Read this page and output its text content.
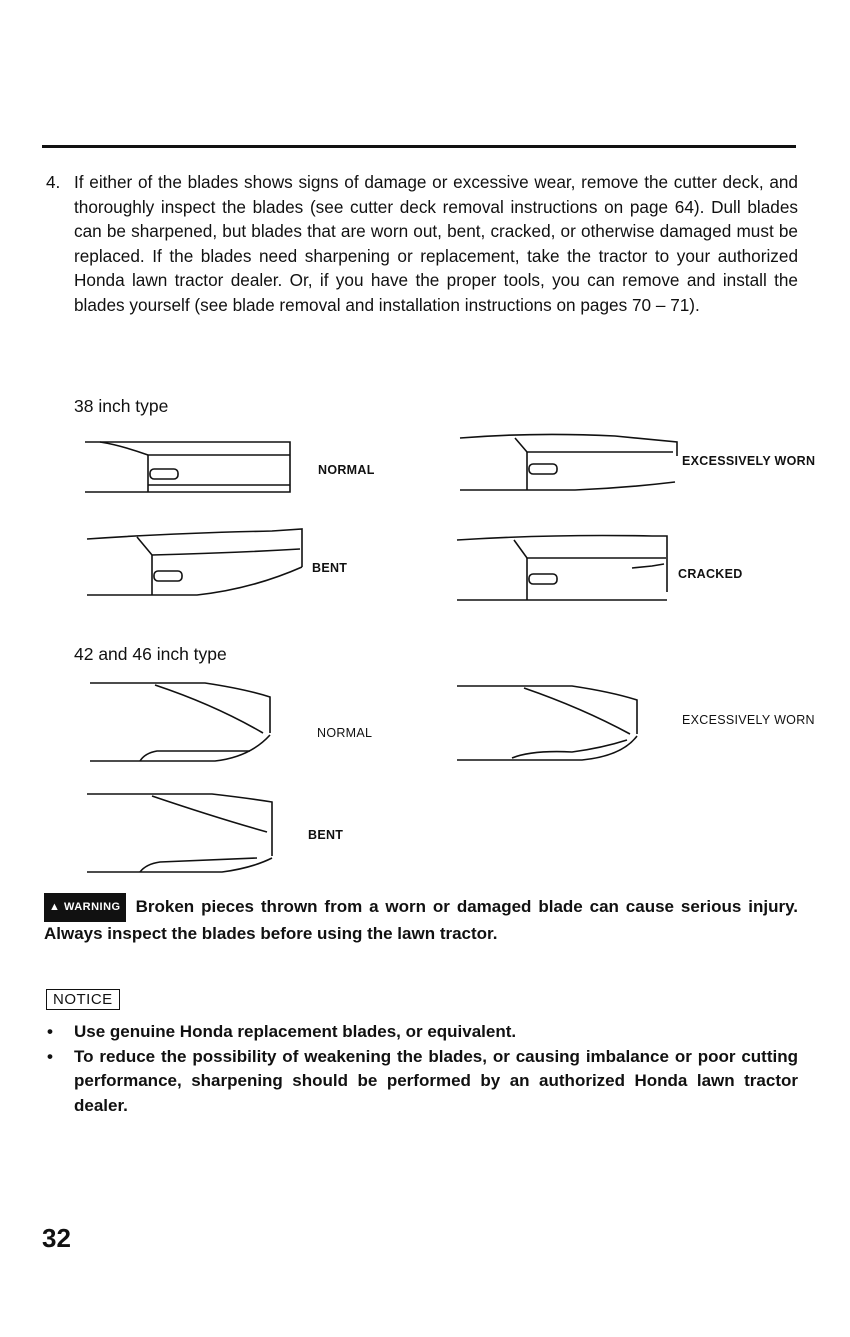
4. If either of the blades shows signs of damage or excessive wear, remove the cutter deck, and thoroughly inspect the blades (see cutter deck removal instructions on page 64). Dull blades can be sharpened, but blades that are worn out, bent, cracked, or otherwise damaged must be replaced. If the blades need sharpening or replacement, take the tractor to your authorized Honda lawn tractor dealer. Or, if you have the proper tools, you can remove and install the blades yourself (see blade removal and installation instructions on pages 70 – 71).
38 inch type
NORMAL
EXCESSIVELY WORN
BENT	CRACKED
42 and 46 inch type
NORMAL
EXCESSIVELY WORN
BENT
▲ WARNING Broken pieces thrown from a worn or damaged blade can cause serious injury. Always inspect the blades before using the lawn tractor.
NOTICE
• Use genuine Honda replacement blades, or equivalent.
• To reduce the possibility of weakening the blades, or causing imbalance or poor cutting performance, sharpening should be performed by an authorized Honda lawn tractor dealer.
32
